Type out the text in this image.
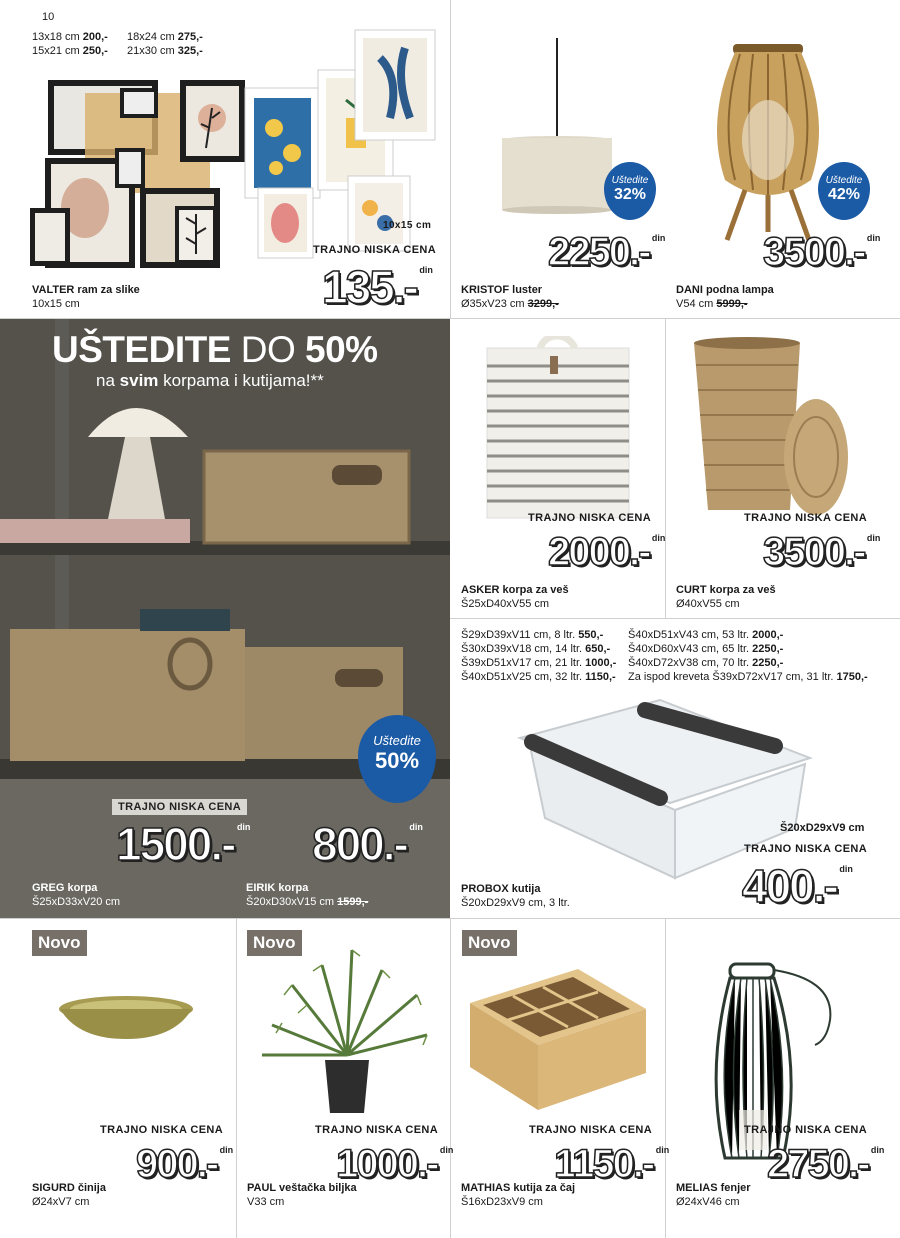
10
13x18 cm 200,-
15x21 cm 250,-
18x24 cm 275,-
21x30 cm 325,-
10x15 cm
TRAJNO NISKA CENA
135.- din
VALTER ram za slike
10x15 cm
Uštedite
32%
2250.- din
KRISTOF luster
Ø35xV23 cm 3299,-
Uštedite
42%
3500.- din
DANI podna lampa
V54 cm 5999,-
UŠTEDITE DO 50%
na svim korpama i kutijama!**
Uštedite
50%
TRAJNO NISKA CENA
1500.- din 800.- din
GREG korpa
Š25xD33xV20 cm
EIRIK korpa
Š20xD30xV15 cm 1599,-
TRAJNO NISKA CENA
2000.- din
ASKER korpa za veš
Š25xD40xV55 cm
TRAJNO NISKA CENA
3500.- din
CURT korpa za veš
Ø40xV55 cm
Š29xD39xV11 cm, 8 ltr. 550,-
Š30xD39xV18 cm, 14 ltr. 650,-
Š39xD51xV17 cm, 21 ltr. 1000,-
Š40xD51xV25 cm, 32 ltr. 1150,-
Š40xD51xV43 cm, 53 ltr. 2000,-
Š40xD60xV43 cm, 65 ltr. 2250,-
Š40xD72xV38 cm, 70 ltr. 2250,-
Za ispod kreveta Š39xD72xV17 cm, 31 ltr. 1750,-
Š20xD29xV9 cm
TRAJNO NISKA CENA
400.- din
PROBOX kutija
Š20xD29xV9 cm, 3 ltr.
Novo
TRAJNO NISKA CENA
900.- din
SIGURD činija
Ø24xV7 cm
Novo
TRAJNO NISKA CENA
1000.- din
PAUL veštačka biljka
V33 cm
Novo
TRAJNO NISKA CENA
1150.- din
MATHIAS kutija za čaj
Š16xD23xV9 cm
TRAJNO NISKA CENA
2750.- din
MELIAS fenjer
Ø24xV46 cm
